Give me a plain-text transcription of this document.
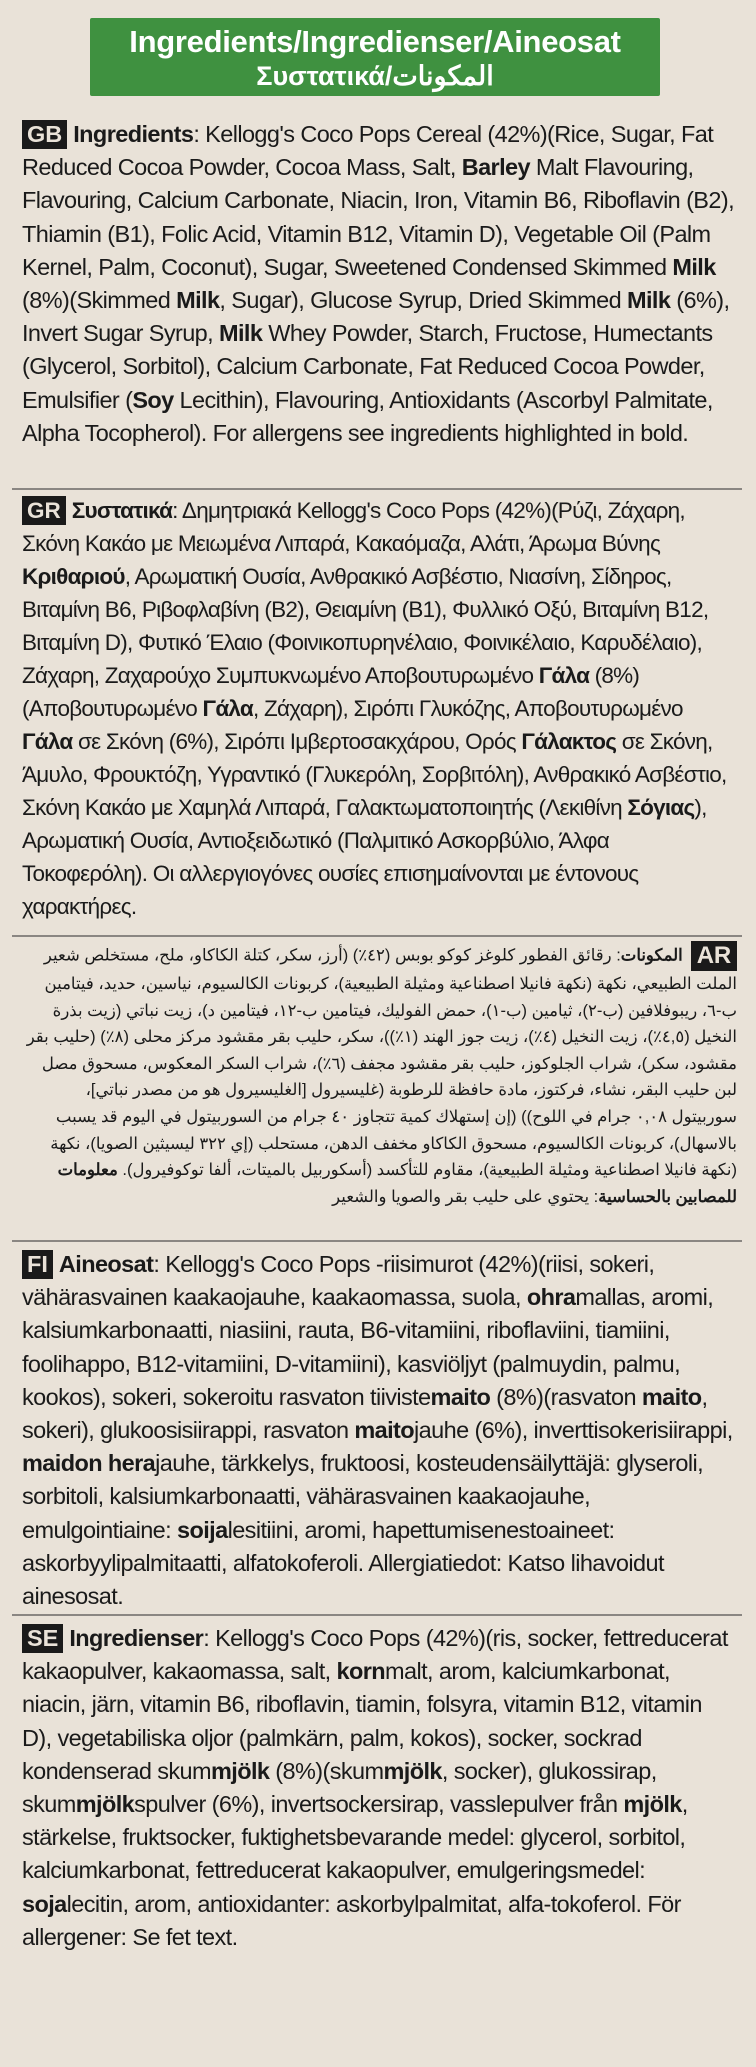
Ingredients/Ingredienser/Aineosat
Συστατικά/المكونات
GB Ingredients: Kellogg's Coco Pops Cereal (42%)(Rice, Sugar, Fat Reduced Cocoa Powder, Cocoa Mass, Salt, Barley Malt Flavouring, Flavouring, Calcium Carbonate, Niacin, Iron, Vitamin B6, Riboflavin (B2), Thiamin (B1), Folic Acid, Vitamin B12, Vitamin D), Vegetable Oil (Palm Kernel, Palm, Coconut), Sugar, Sweetened Condensed Skimmed Milk (8%)(Skimmed Milk, Sugar), Glucose Syrup, Dried Skimmed Milk (6%), Invert Sugar Syrup, Milk Whey Powder, Starch, Fructose, Humectants (Glycerol, Sorbitol), Calcium Carbonate, Fat Reduced Cocoa Powder, Emulsifier (Soy Lecithin), Flavouring, Antioxidants (Ascorbyl Palmitate, Alpha Tocopherol). For allergens see ingredients highlighted in bold.
GR Συστατικά: Δημητριακά Kellogg's Coco Pops (42%)(Ρύζι, Ζάχαρη, Σκόνη Κακάο με Μειωμένα Λιπαρά, Κακαόμαζα, Αλάτι, Άρωμα Βύνης Κριθαριού, Αρωματική Ουσία, Ανθρακικό Ασβέστιο, Νιασίνη, Σίδηρος, Βιταμίνη B6, Ριβοφλαβίνη (B2), Θειαμίνη (B1), Φυλλικό Οξύ, Βιταμίνη B12, Βιταμίνη D), Φυτικό Έλαιο (Φοινικοπυρηνέλαιο, Φοινικέλαιο, Καρυδέλαιο), Ζάχαρη, Ζαχαρούχο Συμπυκνωμένο Αποβουτυρωμένο Γάλα (8%)(Αποβουτυρωμένο Γάλα, Ζάχαρη), Σιρόπι Γλυκόζης, Αποβουτυρωμένο Γάλα σε Σκόνη (6%), Σιρόπι Ιμβερτοσακχάρου, Ορός Γάλακτος σε Σκόνη, Άμυλο, Φρουκτόζη, Υγραντικό (Γλυκερόλη, Σορβιτόλη), Ανθρακικό Ασβέστιο, Σκόνη Κακάο με Χαμηλά Λιπαρά, Γαλακτωματοποιητής (Λεκιθίνη Σόγιας), Αρωματική Ουσία, Αντιοξειδωτικό (Παλμιτικό Ασκορβύλιο, Άλφα Τοκοφερόλη). Οι αλλεργιογόνες ουσίες επισημαίνονται με έντονους χαρακτήρες.
ARالمكونات: رقائق الفطور كلوغز كوكو بوبس (٤٢٪) (أرز، سكر، كتلة الكاكاو، ملح، مستخلص شعير الملت الطبيعي، نكهة (نكهة فانيلا اصطناعية ومثيلة الطبيعية)، كربونات الكالسيوم، نياسين، حديد، فيتامين ب-٦، ريبوفلافين (ب-٢)، ثيامين (ب-١)، حمض الفوليك، فيتامين ب-١٢، فيتامين د)، زيت نباتي (زيت بذرة النخيل (٤,٥٪)، زيت النخيل (٤٪)، زيت جوز الهند (١٪))، سكر، حليب بقر مقشود مركز محلى (٨٪) (حليب بقر مقشود، سكر)، شراب الجلوكوز، حليب بقر مقشود مجفف (٦٪)، شراب السكر المعكوس، مسحوق مصل لبن حليب البقر، نشاء، فركتوز، مادة حافظة للرطوبة (غليسيرول [الغليسيرول هو من مصدر نباتي]، سوربيتول ٠,٠٨ جرام في اللوح)) (إن إستهلاك كمية تتجاوز ٤٠ جرام من السوربيتول في اليوم قد يسبب بالاسهال)، كربونات الكالسيوم، مسحوق الكاكاو مخفف الدهن، مستحلب (إي ٣٢٢ ليسيثين الصويا)، نكهة (نكهة فانيلا اصطناعية ومثيلة الطبيعية)، مقاوم للتأكسد (أسكوربيل بالميتات، ألفا توكوفيرول). معلومات للمصابين بالحساسية: يحتوي على حليب بقر والصويا والشعير
FI Aineosat: Kellogg's Coco Pops -riisimurot (42%)(riisi, sokeri, vähärasvainen kaakaojauhe, kaakaomassa, suola, ohramallas, aromi, kalsiumkarbonaatti, niasiini, rauta, B6-vitamiini, riboflaviini, tiamiini, foolihappo, B12-vitamiini, D-vitamiini), kasviöljyt (palmuydin, palmu, kookos), sokeri, sokeroitu rasvaton tiivistemaito (8%)(rasvaton maito, sokeri), glukoosisiirappi, rasvaton maitojauhe (6%), inverttisokerisiirappi, maidon herajauhe, tärkkelys, fruktoosi, kosteudensäilyttäjä: glyseroli, sorbitoli, kalsiumkarbonaatti, vähärasvainen kaakaojauhe, emulgointiaine: soijalesitiini, aromi, hapettumisenestoaineet: askorbyylipalmitaatti, alfatokoferoli. Allergiatiedot: Katso lihavoidut ainesosat.
SE Ingredienser: Kellogg's Coco Pops (42%)(ris, socker, fettreducerat kakaopulver, kakaomassa, salt, kornmalt, arom, kalciumkarbonat, niacin, järn, vitamin B6, riboflavin, tiamin, folsyra, vitamin B12, vitamin D), vegetabiliska oljor (palmkärn, palm, kokos), socker, sockrad kondenserad skummjölk (8%)(skummjölk, socker), glukossirap, skummjölkspulver (6%), invertsockersirap, vasslepulver från mjölk, stärkelse, fruktsocker, fuktighetsbevarande medel: glycerol, sorbitol, kalciumkarbonat, fettreducerat kakaopulver, emulgeringsmedel: sojalecitin, arom, antioxidanter: askorbylpalmitat, alfa-tokoferol. För allergener: Se fet text.
